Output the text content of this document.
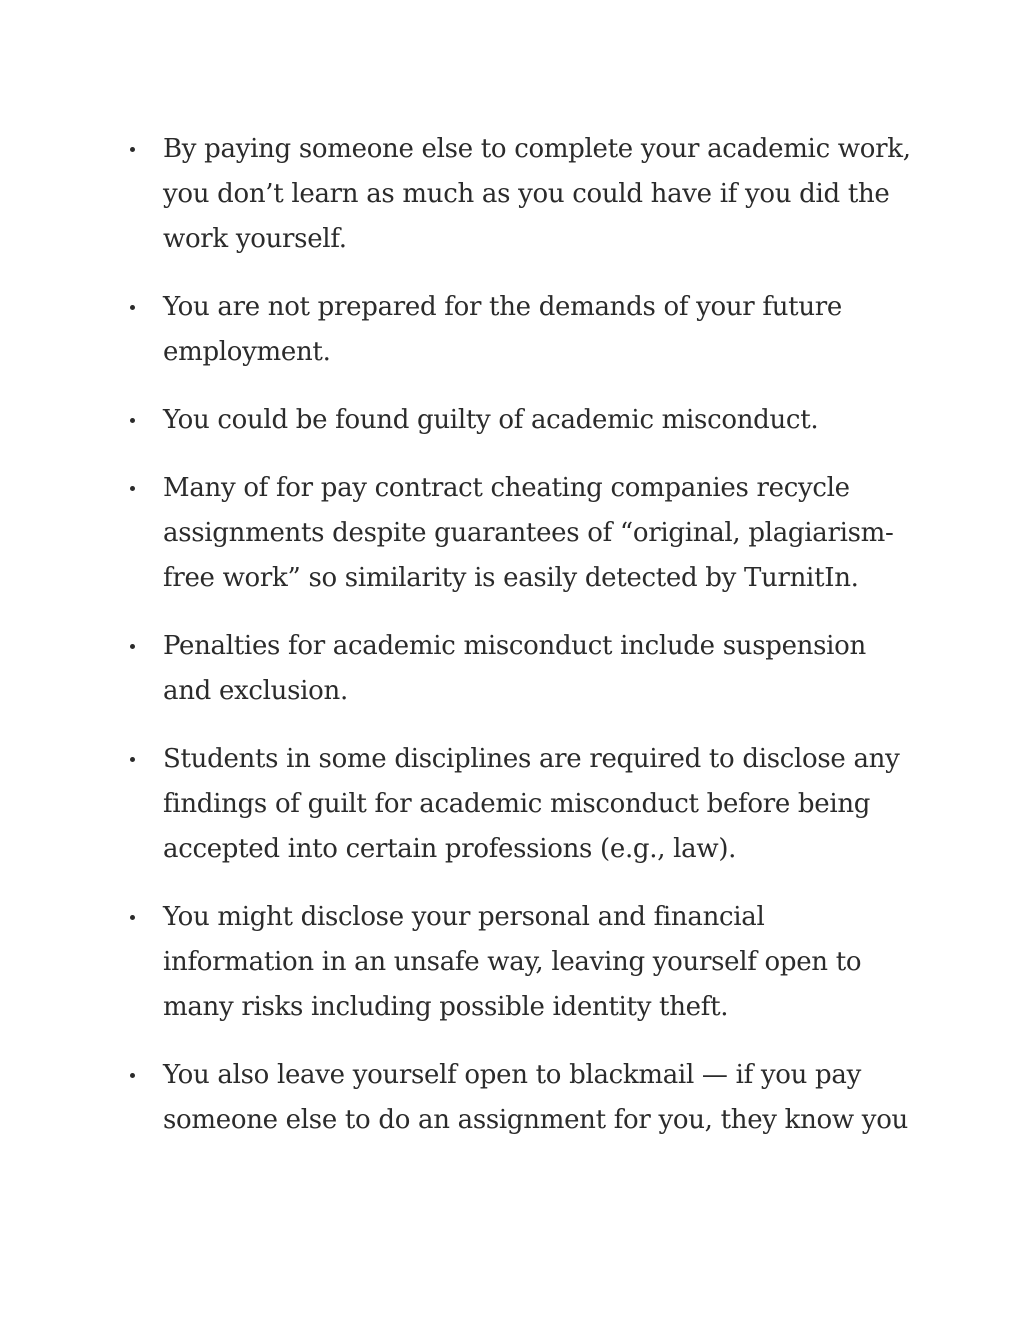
By paying someone else to complete your academic work, you don’t learn as much as you could have if you did the work yourself.
You are not prepared for the demands of your future employment.
You could be found guilty of academic misconduct.
Many of for pay contract cheating companies recycle assignments despite guarantees of “original, plagiarism-free work” so similarity is easily detected by TurnitIn.
Penalties for academic misconduct include suspension and exclusion.
Students in some disciplines are required to disclose any findings of guilt for academic misconduct before being accepted into certain professions (e.g., law).
You might disclose your personal and financial information in an unsafe way, leaving yourself open to many risks including possible identity theft.
You also leave yourself open to blackmail — if you pay someone else to do an assignment for you, they know you
